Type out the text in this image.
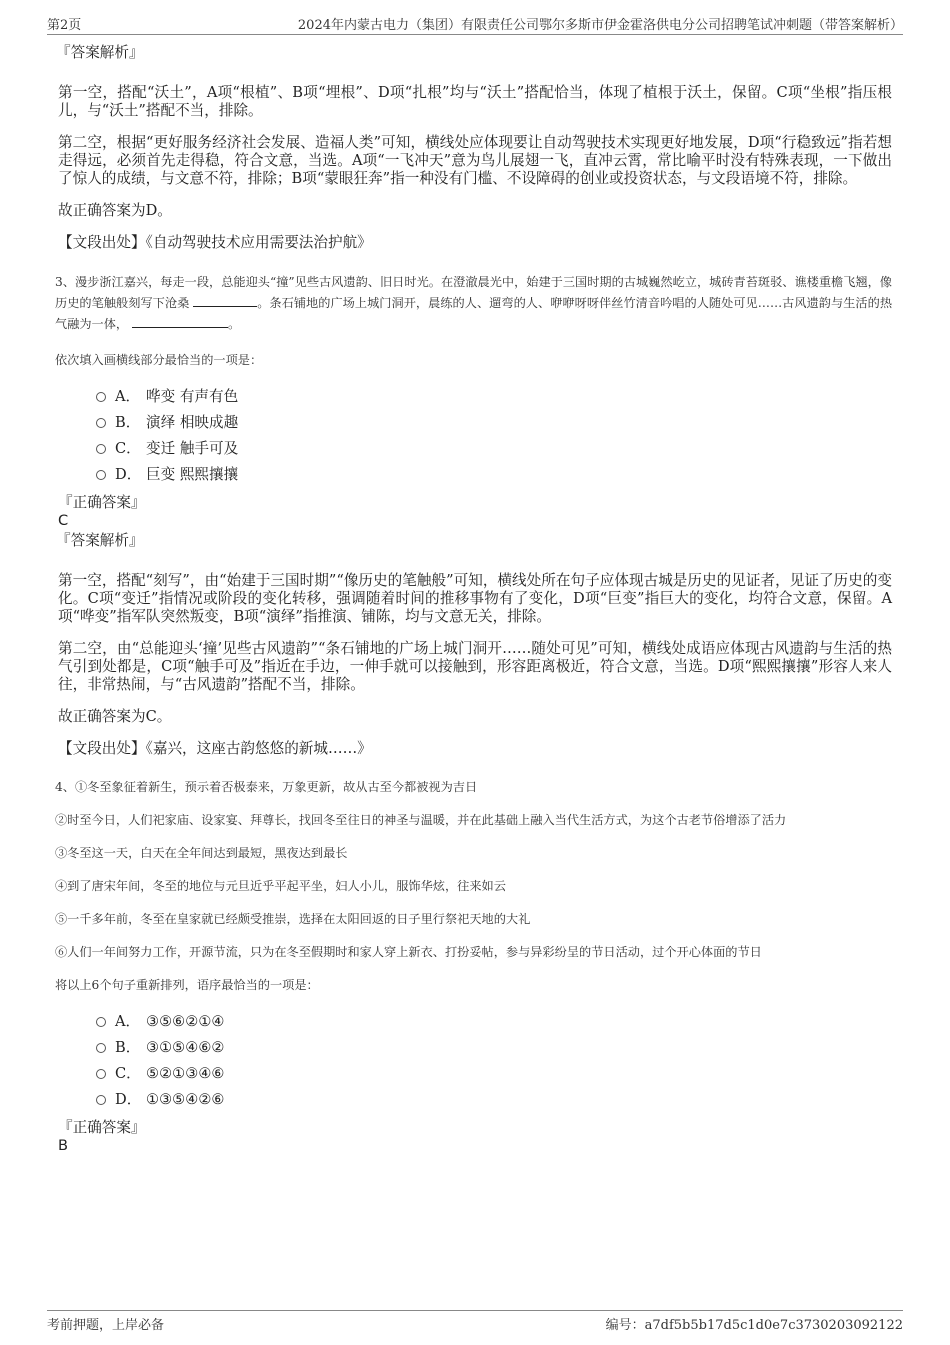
第2页	2024年内蒙古电力（集团）有限责任公司鄂尔多斯市伊金霍洛供电分公司招聘笔试冲刺题（带答案解析）
『答案解析』

第一空，搭配“沃土”，A项“根植”、B项“埋根”、D项“扎根”均与“沃土”搭配恰当，体现了植根于沃土，保留。C项“坐根”指压根儿，与“沃土”搭配不当，排除。

第二空，根据“更好服务经济社会发展、造福人类”可知，横线处应体现要让自动驾驶技术实现更好地发展，D项“行稳致远”指若想走得远，必须首先走得稳，符合文意，当选。A项“一飞冲天”意为鸟儿展翅一飞，直冲云霄，常比喻平时没有特殊表现，一下做出了惊人的成绩，与文意不符，排除；B项“蒙眼狂奔”指一种没有门槛、不设障碍的创业或投资状态，与文段语境不符，排除。

故正确答案为D。

【文段出处】《自动驾驶技术应用需要法治护航》

3、漫步浙江嘉兴，每走一段，总能迎头“撞”见些古风遗韵、旧日时光。在澄澈晨光中，始建于三国时期的古城巍然屹立，城砖青苔斑驳、谯楼重檐飞翘，像历史的笔触般刻写下沧桑	。条石铺地的广场上城门洞开，晨练的人、遛弯的人、咿咿呀呀伴丝竹清音吟唱的人随处可见……古风遗韵与生活的热气融为一体，	。

依次填入画横线部分最恰当的一项是：

A． 哗变 有声有色
B． 演绎 相映成趣
C． 变迁 触手可及
D． 巨变 熙熙攘攘
『正确答案』
C
『答案解析』

第一空，搭配“刻写”，由“始建于三国时期”“像历史的笔触般”可知，横线处所在句子应体现古城是历史的见证者，见证了历史的变化。C项“变迁”指情况或阶段的变化转移，强调随着时间的推移事物有了变化，D项“巨变”指巨大的变化，均符合文意，保留。A项“哗变”指军队突然叛变，B项“演绎”指推演、铺陈，均与文意无关，排除。

第二空，由“总能迎头‘撞’见些古风遗韵”“条石铺地的广场上城门洞开……随处可见”可知，横线处成语应体现古风遗韵与生活的热气引到处都是，C项“触手可及”指近在手边，一伸手就可以接触到，形容距离极近，符合文意，当选。D项“熙熙攘攘”形容人来人往，非常热闹，与“古风遗韵”搭配不当，排除。

故正确答案为C。

【文段出处】《嘉兴，这座古韵悠悠的新城……》

4、①冬至象征着新生，预示着否极泰来，万象更新，故从古至今都被视为吉日

②时至今日，人们祀家庙、设家宴、拜尊长，找回冬至往日的神圣与温暖，并在此基础上融入当代生活方式，为这个古老节俗增添了活力

③冬至这一天，白天在全年间达到最短，黑夜达到最长

④到了唐宋年间，冬至的地位与元旦近乎平起平坐，妇人小儿，服饰华炫，往来如云

⑤一千多年前，冬至在皇家就已经颇受推崇，选择在太阳回返的日子里行祭祀天地的大礼

⑥人们一年间努力工作，开源节流，只为在冬至假期时和家人穿上新衣、打扮妥帖，参与异彩纷呈的节日活动，过个开心体面的节日

将以上6个句子重新排列，语序最恰当的一项是：

A． ③⑤⑥②①④
B． ③①⑤④⑥②
C． ⑤②①③④⑥
D． ①③⑤④②⑥
『正确答案』
B
考前押题，上岸必备	编号：a7df5b5b17d5c1d0e7c3730203092122
